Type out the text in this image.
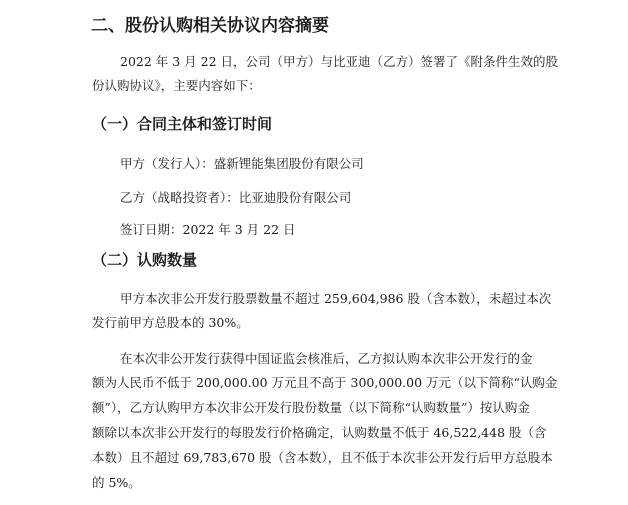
二、股份认购相关协议内容摘要
2022 年 3 月 22 日，公司（甲方）与比亚迪（乙方）签署了《附条件生效的股
份认购协议》，主要内容如下：
（一）合同主体和签订时间
甲方（发行人）：盛新锂能集团股份有限公司
乙方（战略投资者）：比亚迪股份有限公司
签订日期：2022 年 3 月 22 日
（二）认购数量
甲方本次非公开发行股票数量不超过 259,604,986 股（含本数），未超过本次
发行前甲方总股本的 30%。
在本次非公开发行获得中国证监会核准后，乙方拟认购本次非公开发行的金
额为人民币不低于 200,000.00 万元且不高于 300,000.00 万元（以下简称“认购金
额”），乙方认购甲方本次非公开发行股份数量（以下简称“认购数量”）按认购金
额除以本次非公开发行的每股发行价格确定，认购数量不低于 46,522,448 股（含
本数）且不超过 69,783,670 股（含本数），且不低于本次非公开发行后甲方总股本
的 5%。
